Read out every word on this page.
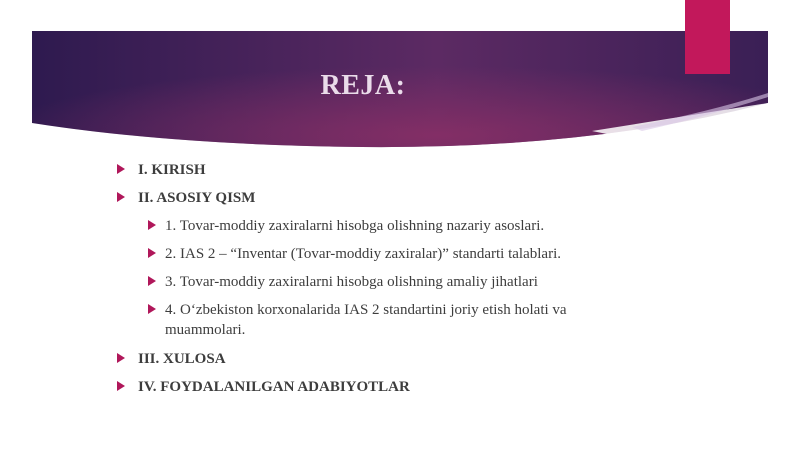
REJA:
I. KIRISH
II. ASOSIY QISM
1. Tovar-moddiy zaxiralarni hisobga olishning nazariy asoslari.
2. IAS 2 – “Inventar (Tovar-moddiy zaxiralar)” standarti talablari.
3. Tovar-moddiy zaxiralarni hisobga olishning amaliy jihatlari
4. O‘zbekiston korxonalarida IAS 2 standartini joriy etish holati va muammolari.
III. XULOSA
IV. FOYDALANILGAN ADABIYOTLAR
